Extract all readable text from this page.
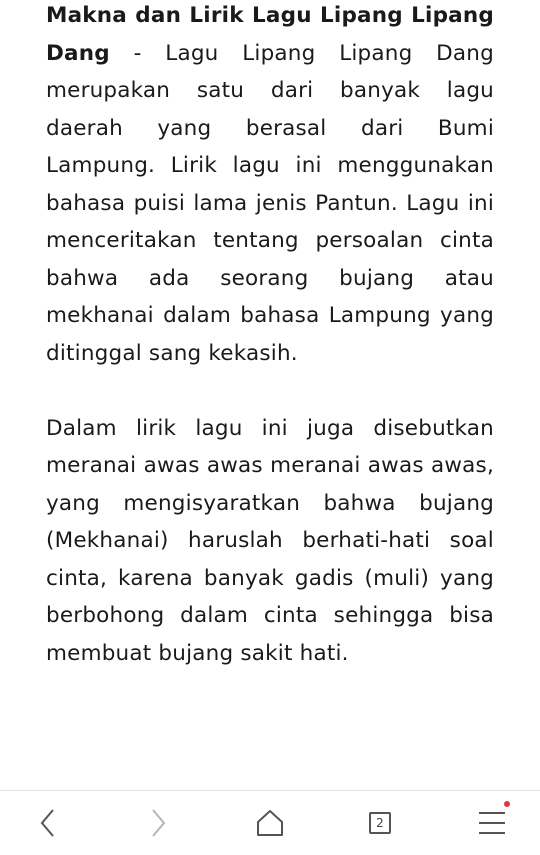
Makna dan Lirik Lagu Lipang Lipang Dang - Lagu Lipang Lipang Dang merupakan satu dari banyak lagu daerah yang berasal dari Bumi Lampung. Lirik lagu ini menggunakan bahasa puisi lama jenis Pantun. Lagu ini menceritakan tentang persoalan cinta bahwa ada seorang bujang atau mekhanai dalam bahasa Lampung yang ditinggal sang kekasih.

Dalam lirik lagu ini juga disebutkan meranai awas awas meranai awas awas, yang mengisyaratkan bahwa bujang (Mekhanai) haruslah berhati-hati soal cinta, karena banyak gadis (muli) yang berbohong dalam cinta sehingga bisa membuat bujang sakit hati.

2
